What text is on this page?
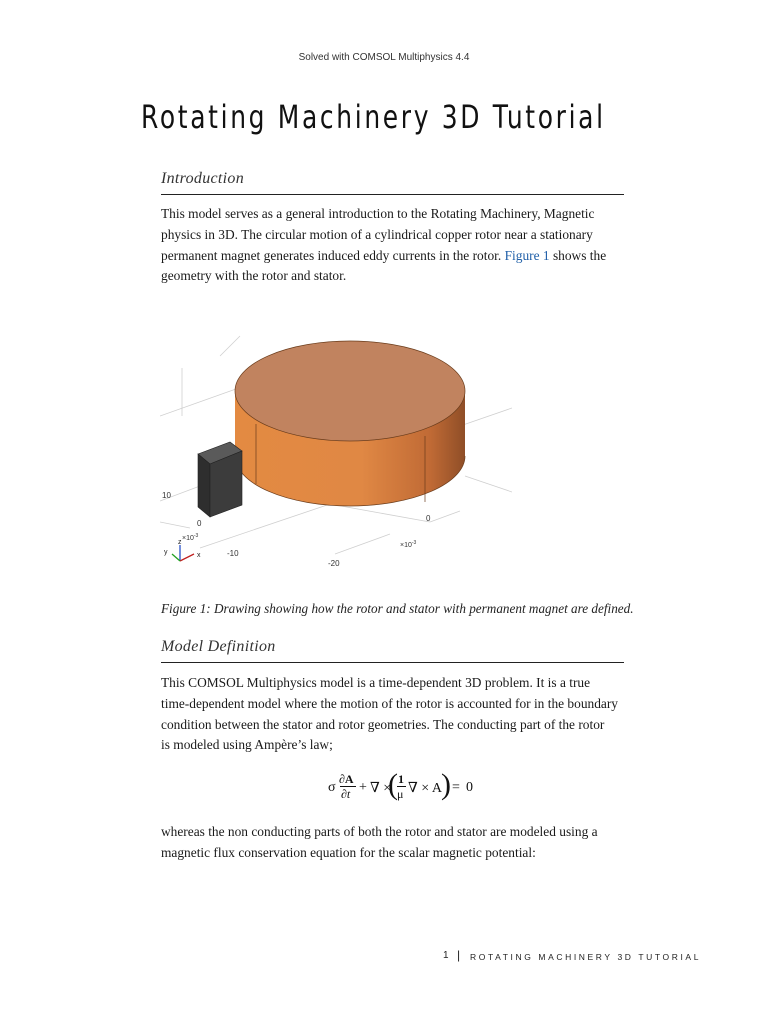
Solved with COMSOL Multiphysics 4.4
Rotating Machinery 3D Tutorial
Introduction
This model serves as a general introduction to the Rotating Machinery, Magnetic
physics in 3D. The circular motion of a cylindrical copper rotor near a stationary
permanent magnet generates induced eddy currents in the rotor. Figure 1 shows the
geometry with the rotor and stator.
10
0
0
-10
-20
$\times 10^{-3}$
$\times 10^{-3}$
y
z
x
Figure 1: Drawing showing how the rotor and stator with permanent magnet are defined.
Model Definition
This COMSOL Multiphysics model is a time-dependent 3D problem. It is a true
time-dependent model where the motion of the rotor is accounted for in the boundary
condition between the stator and rotor geometries. The conducting part of the rotor
is modeled using Ampère’s law;
σ
∂A
∂t + ∇ ×
( 1
μ ∇ × A
) = 0
whereas the non conducting parts of both the rotor and stator are modeled using a
magnetic flux conservation equation for the scalar magnetic potential:
1 | ROTATING MACHINERY 3D TUTORIAL
